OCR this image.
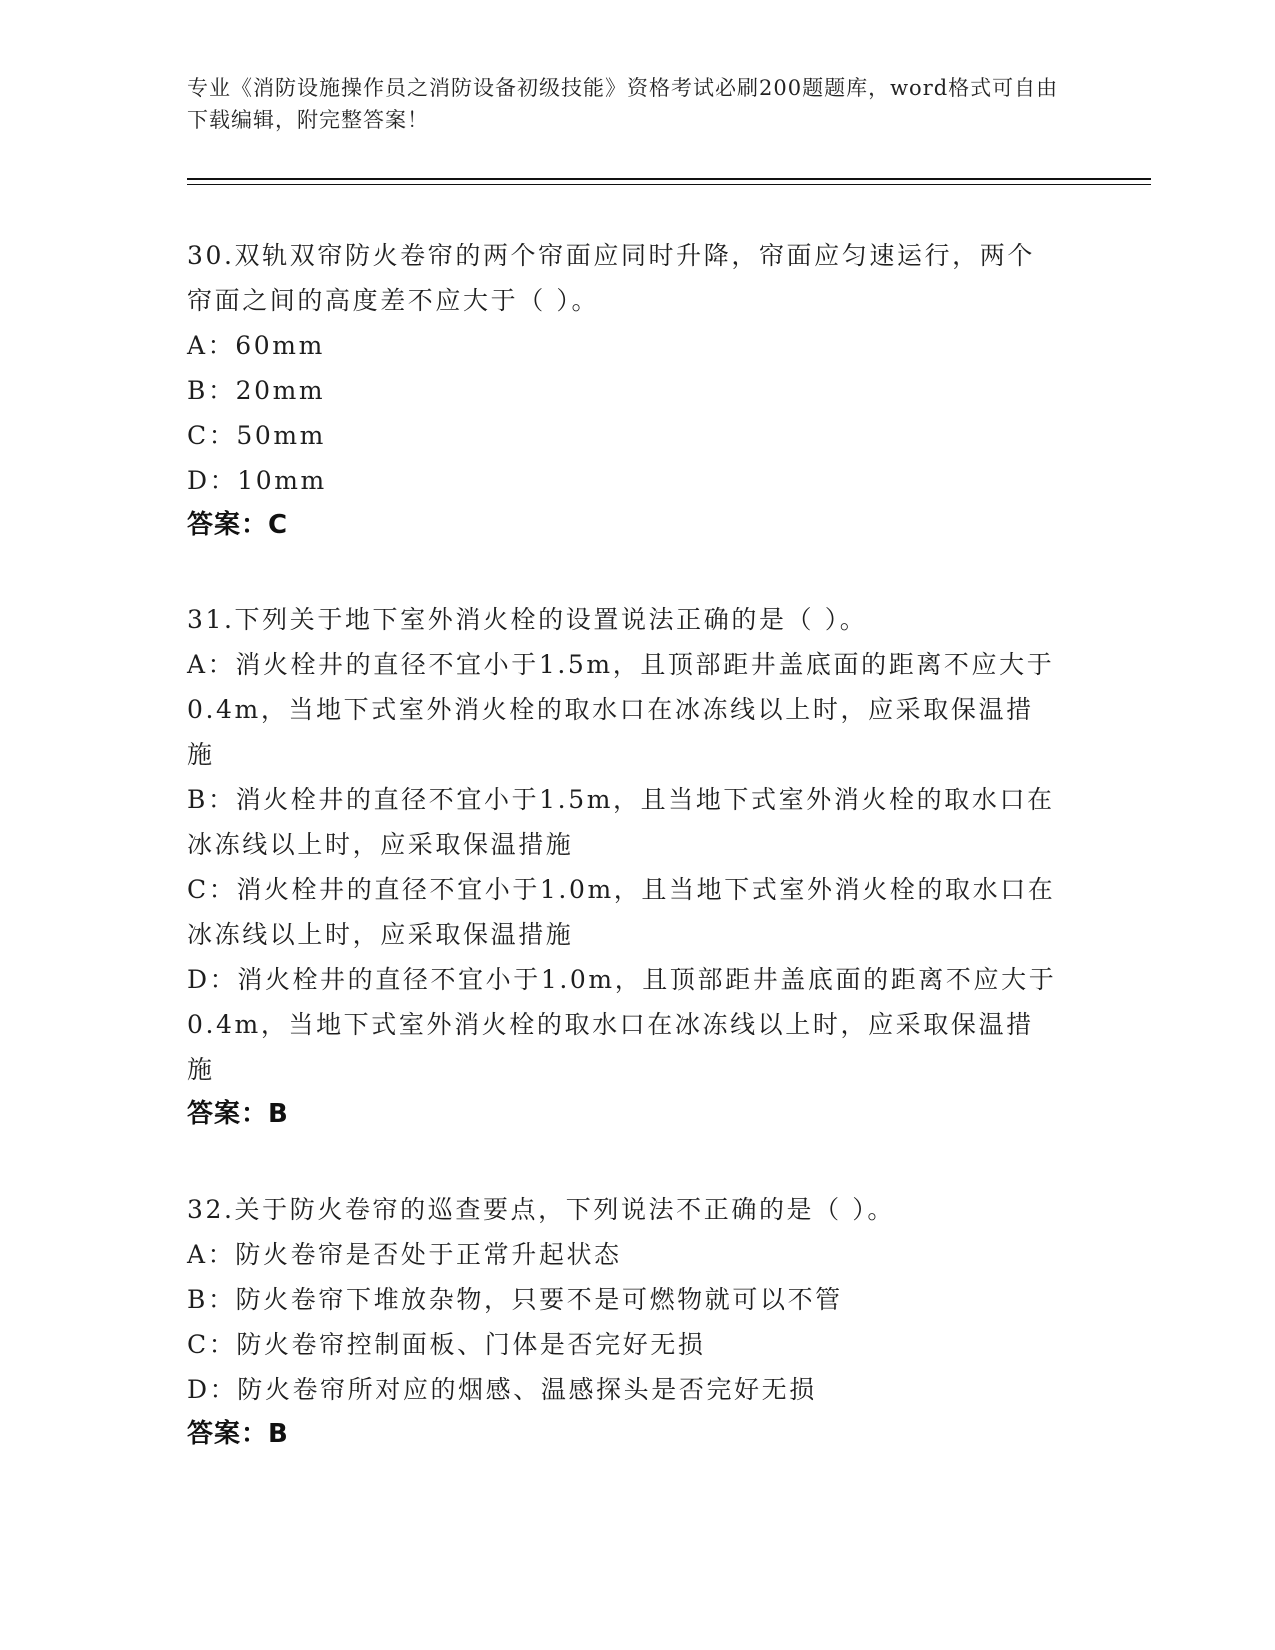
专业《消防设施操作员之消防设备初级技能》资格考试必刷200题题库，word格式可自由下载编辑，附完整答案！
30.双轨双帘防火卷帘的两个帘面应同时升降，帘面应匀速运行，两个
帘面之间的高度差不应大于（ ）。
A：60mm
B：20mm
C：50mm
D：10mm
答案：C
31.下列关于地下室外消火栓的设置说法正确的是（ ）。
A：消火栓井的直径不宜小于1.5m，且顶部距井盖底面的距离不应大于
0.4m，当地下式室外消火栓的取水口在冰冻线以上时，应采取保温措
施
B：消火栓井的直径不宜小于1.5m，且当地下式室外消火栓的取水口在
冰冻线以上时，应采取保温措施
C：消火栓井的直径不宜小于1.0m，且当地下式室外消火栓的取水口在
冰冻线以上时，应采取保温措施
D：消火栓井的直径不宜小于1.0m，且顶部距井盖底面的距离不应大于
0.4m，当地下式室外消火栓的取水口在冰冻线以上时，应采取保温措
施
答案：B
32.关于防火卷帘的巡查要点，下列说法不正确的是（ ）。
A：防火卷帘是否处于正常升起状态
B：防火卷帘下堆放杂物，只要不是可燃物就可以不管
C：防火卷帘控制面板、门体是否完好无损
D：防火卷帘所对应的烟感、温感探头是否完好无损
答案：B
